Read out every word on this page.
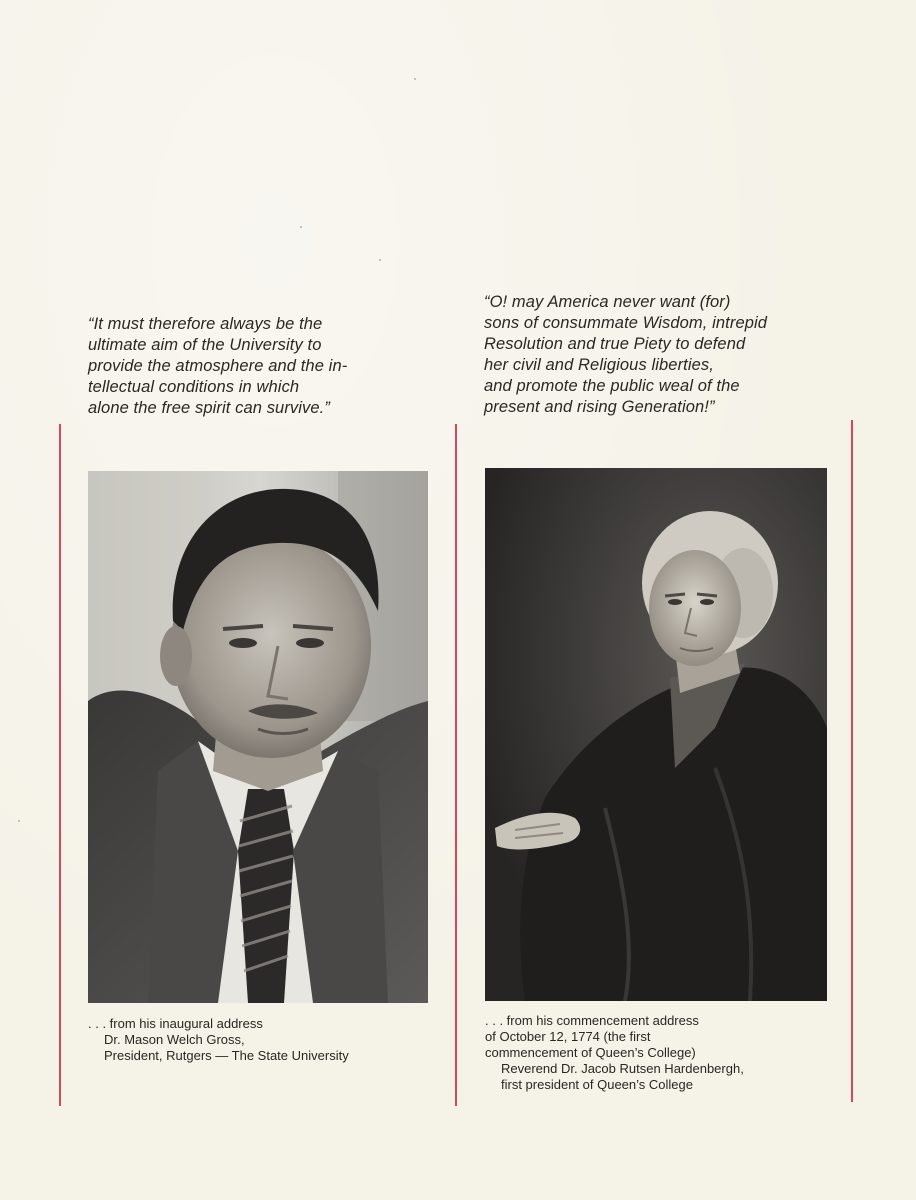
“It must therefore always be the
ultimate aim of the University to
provide the atmosphere and the in-
tellectual conditions in which
alone the free spirit can survive.”
“O! may America never want (for)
sons of consummate Wisdom, intrepid
Resolution and true Piety to defend
her civil and Religious liberties,
and promote the public weal of the
present and rising Generation!”
. . . from his inaugural address
Dr. Mason Welch Gross,
President, Rutgers — The State University
. . . from his commencement address
of October 12, 1774 (the first
commencement of Queen’s College)
Reverend Dr. Jacob Rutsen Hardenbergh,
first president of Queen’s College
